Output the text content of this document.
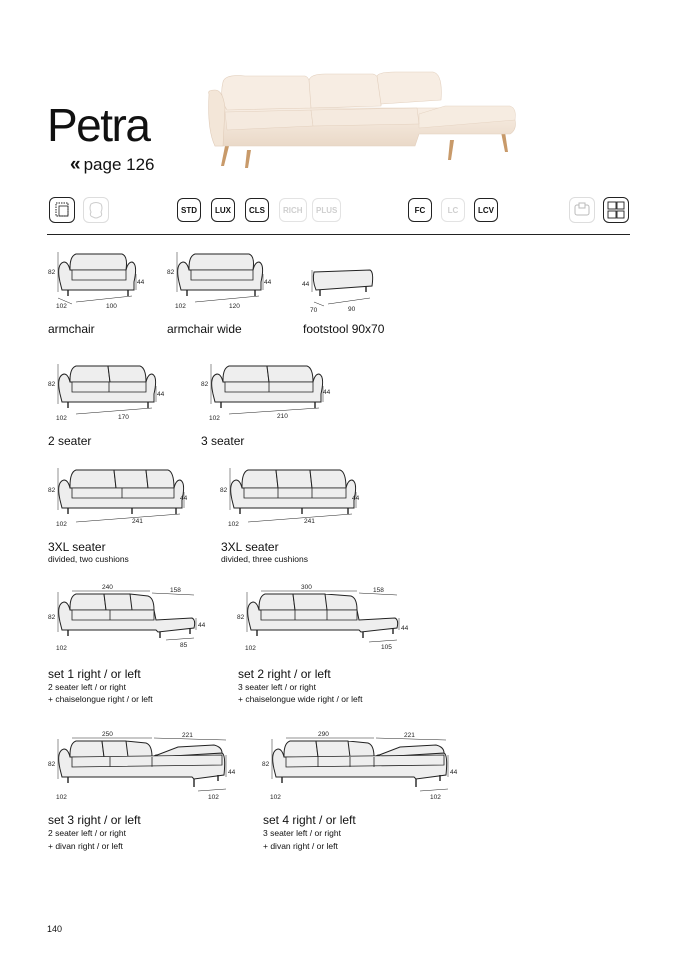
Petra
« page 126
STD LUX CLS RICH PLUS	FC	LC LCV
82
44
102	100
armchair
82
44
102	120
armchair wide
44
70	90
footstool 90x70
82
44
102	170
2 seater
82
44
102	210
3 seater
82
44
102	241
3XL seater
divided, two cushions
82
44
102	241
3XL seater
divided, three cushions
240	158
82
44
102	85
set 1 right / or left
2 seater left / or right
+ chaiselongue right / or left
300	158
82
44
102	105
set 2 right / or left
3 seater left / or right
+ chaiselongue wide right / or left
250	221
82
44
102	102
set 3 right / or left
2 seater left / or right
+ divan right / or left
290	221
82
44
102	102
set 4 right / or left
3 seater left / or right
+ divan right / or left
140
